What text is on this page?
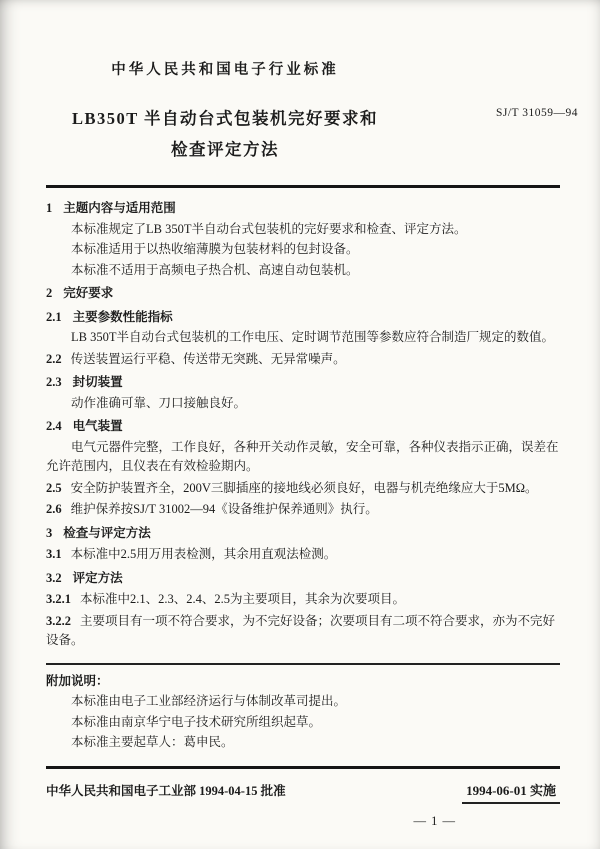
中华人民共和国电子行业标准
SJ/T 31059—94
LB350T 半自动台式包装机完好要求和
检查评定方法
1 主题内容与适用范围
本标准规定了LB 350T半自动台式包装机的完好要求和检查、评定方法。
本标准适用于以热收缩薄膜为包装材料的包封设备。
本标准不适用于高频电子热合机、高速自动包装机。
2 完好要求
2.1 主要参数性能指标
LB 350T半自动台式包装机的工作电压、定时调节范围等参数应符合制造厂规定的数值。
2.2 传送装置运行平稳、传送带无突跳、无异常噪声。
2.3 封切装置
动作准确可靠、刀口接触良好。
2.4 电气装置
电气元器件完整，工作良好，各种开关动作灵敏，安全可靠，各种仪表指示正确，误差在允许范围内，且仪表在有效检验期内。
2.5 安全防护装置齐全，200V三脚插座的接地线必须良好，电器与机壳绝缘应大于5MΩ。
2.6 维护保养按SJ/T 31002—94《设备维护保养通则》执行。
3 检查与评定方法
3.1 本标准中2.5用万用表检测，其余用直观法检测。
3.2 评定方法
3.2.1 本标准中2.1、2.3、2.4、2.5为主要项目，其余为次要项目。
3.2.2 主要项目有一项不符合要求，为不完好设备；次要项目有二项不符合要求，亦为不完好设备。
附加说明：
本标准由电子工业部经济运行与体制改革司提出。
本标准由南京华宁电子技术研究所组织起草。
本标准主要起草人：葛申民。
中华人民共和国电子工业部 1994-04-15 批准	1994-06-01 实施
— 1 —
